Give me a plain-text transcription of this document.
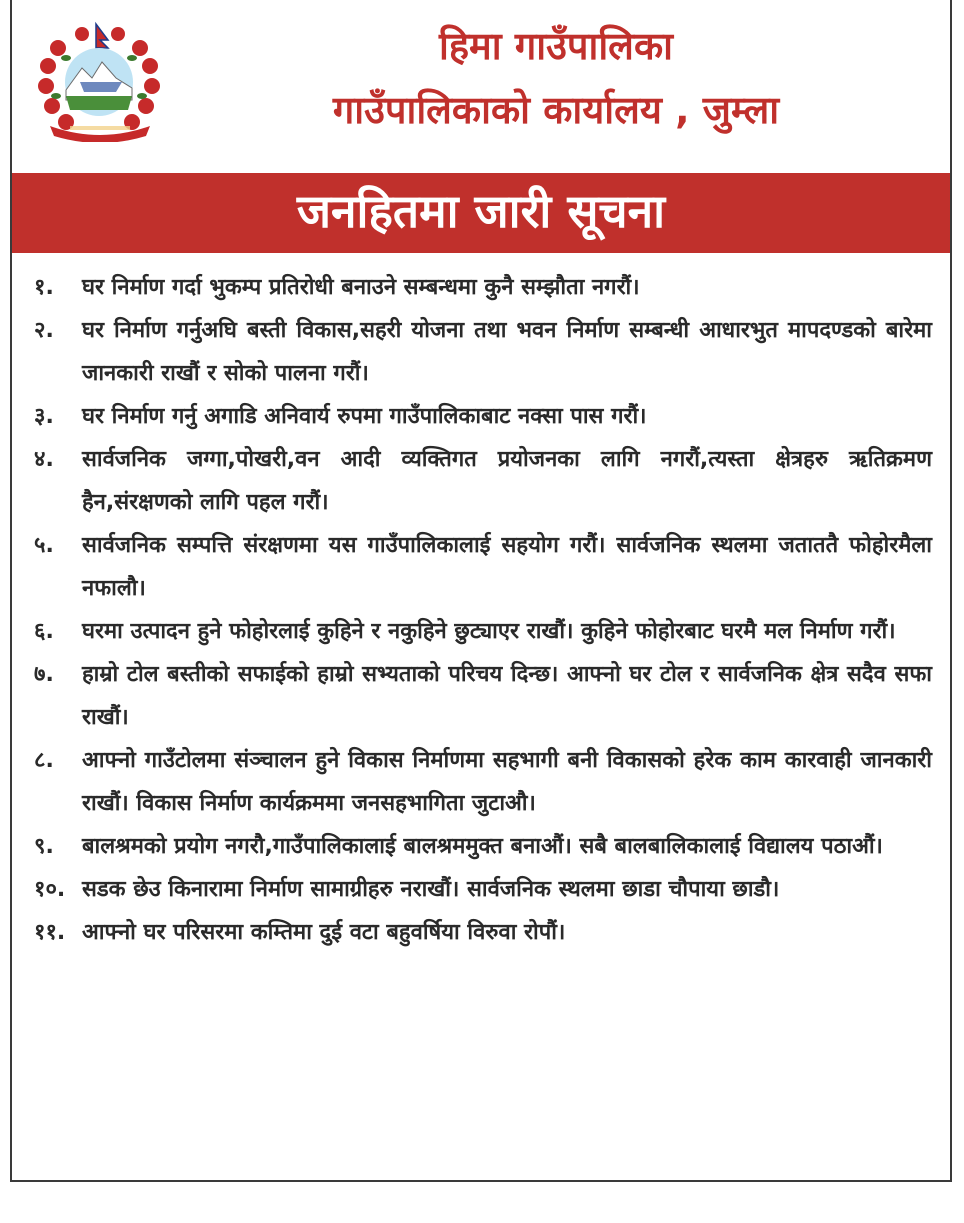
हिमा गाउँपालिका
गाउँपालिकाको कार्यालय , जुम्ला
जनहितमा जारी सूचना
१.	घर निर्माण गर्दा भुकम्प प्रतिरोधी बनाउने सम्बन्धमा कुनै सम्झौता नगरौं।
२.	घर निर्माण गर्नुअघि बस्ती विकास,सहरी योजना तथा भवन निर्माण सम्बन्धी आधारभुत मापदण्डको बारेमा जानकारी राखौं र सोको पालना गरौं।
३.	घर निर्माण गर्नु अगाडि अनिवार्य रुपमा गाउँपालिकाबाट नक्सा पास गरौं।
४.	सार्वजनिक जग्गा,पोखरी,वन आदी व्यक्तिगत प्रयोजनका लागि नगरौं,त्यस्ता क्षेत्रहरु ऋतिक्रमण हैन,संरक्षणको लागि पहल गरौं।
५.	सार्वजनिक सम्पत्ति संरक्षणमा यस गाउँपालिकालाई सहयोग गरौं। सार्वजनिक स्थलमा जताततै फोहोरमैला नफालौ।
६.	घरमा उत्पादन हुने फोहोरलाई कुहिने र नकुहिने छुट्याएर राखौं। कुहिने फोहोरबाट घरमै मल निर्माण गरौं।
७.	हाम्रो टोल बस्तीको सफाईको हाम्रो सभ्यताको परिचय दिन्छ। आफ्नो घर टोल र सार्वजनिक क्षेत्र सदैव सफा राखौं।
८.	आफ्नो गाउँटोलमा संञ्चालन हुने विकास निर्माणमा सहभागी बनी विकासको हरेक काम कारवाही जानकारी राखौं। विकास निर्माण कार्यक्रममा जनसहभागिता जुटाऔ।
९.	बालश्रमको प्रयोग नगरौ,गाउँपालिकालाई बालश्रममुक्त बनाऔं। सबै बालबालिकालाई विद्यालय पठाऔं।
१०. सडक छेउ किनारामा निर्माण सामाग्रीहरु नराखौं। सार्वजनिक स्थलमा छाडा चौपाया छाडौ।
११. आफ्नो घर परिसरमा कम्तिमा दुई वटा बहुवर्षिया विरुवा रोपौं।
